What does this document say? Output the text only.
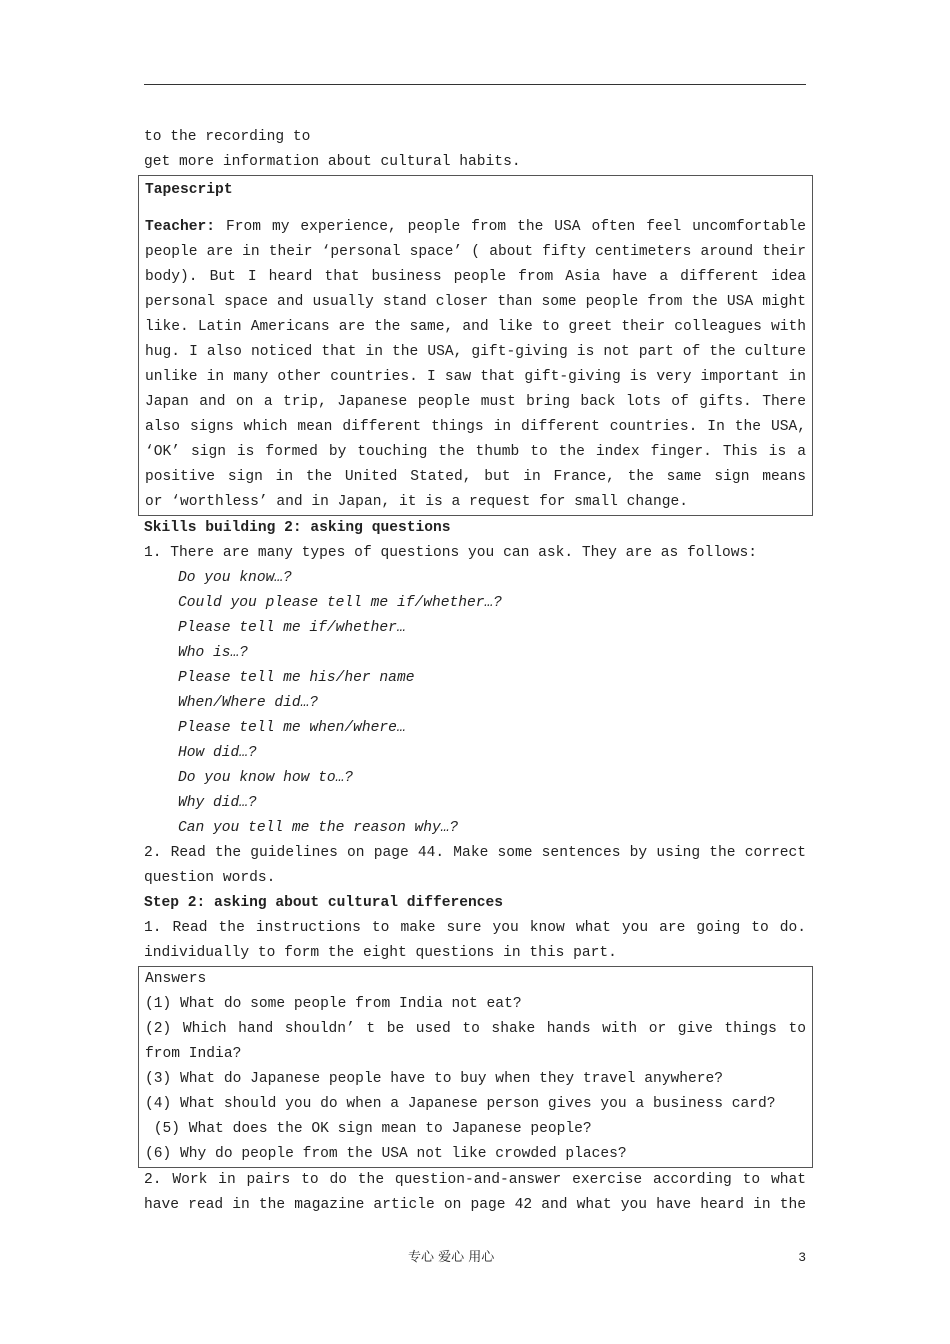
to the recording to
get more information about cultural habits.
Tapescript
Teacher: From my experience, people from the USA often feel uncomfortable
people are in their ‘personal space’ ( about fifty centimeters around their
body). But I heard that business people from Asia have a different idea
personal space and usually stand closer than some people from the USA might
like. Latin Americans are the same, and like to greet their colleagues with
hug. I also noticed that in the USA, gift-giving is not part of the culture
unlike in many other countries. I saw that gift-giving is very important in
Japan and on a trip, Japanese people must bring back lots of gifts. There
also signs which mean different things in different countries. In the USA,
‘OK’ sign is formed by touching the thumb to the index finger. This is a
positive sign in the United Stated, but in France, the same sign means
or ‘worthless’ and in Japan, it is a request for small change.
Skills building 2: asking questions
1. There are many types of questions you can ask. They are as follows:
Do you know…?
Could you please tell me if/whether…?
Please tell me if/whether…
Who is…?
Please tell me his/her name
When/Where did…?
Please tell me when/where…
How did…?
Do you know how to…?
Why did…?
Can you tell me the reason why…?
2. Read the guidelines on page 44. Make some sentences by using the correct
question words.
Step 2: asking about cultural differences
1. Read the instructions to make sure you know what you are going to do.
individually to form the eight questions in this part.
Answers
(1) What do some people from India not eat?
(2) Which hand shouldn’ t be used to shake hands with or give things to
from India?
(3) What do Japanese people have to buy when they travel anywhere?
(4) What should you do when a Japanese person gives you a business card?
(5) What does the OK sign mean to Japanese people?
(6) Why do people from the USA not like crowded places?
2. Work in pairs to do the question-and-answer exercise according to what
have read in the magazine article on page 42 and what you have heard in the
专心 爱心 用心	3
